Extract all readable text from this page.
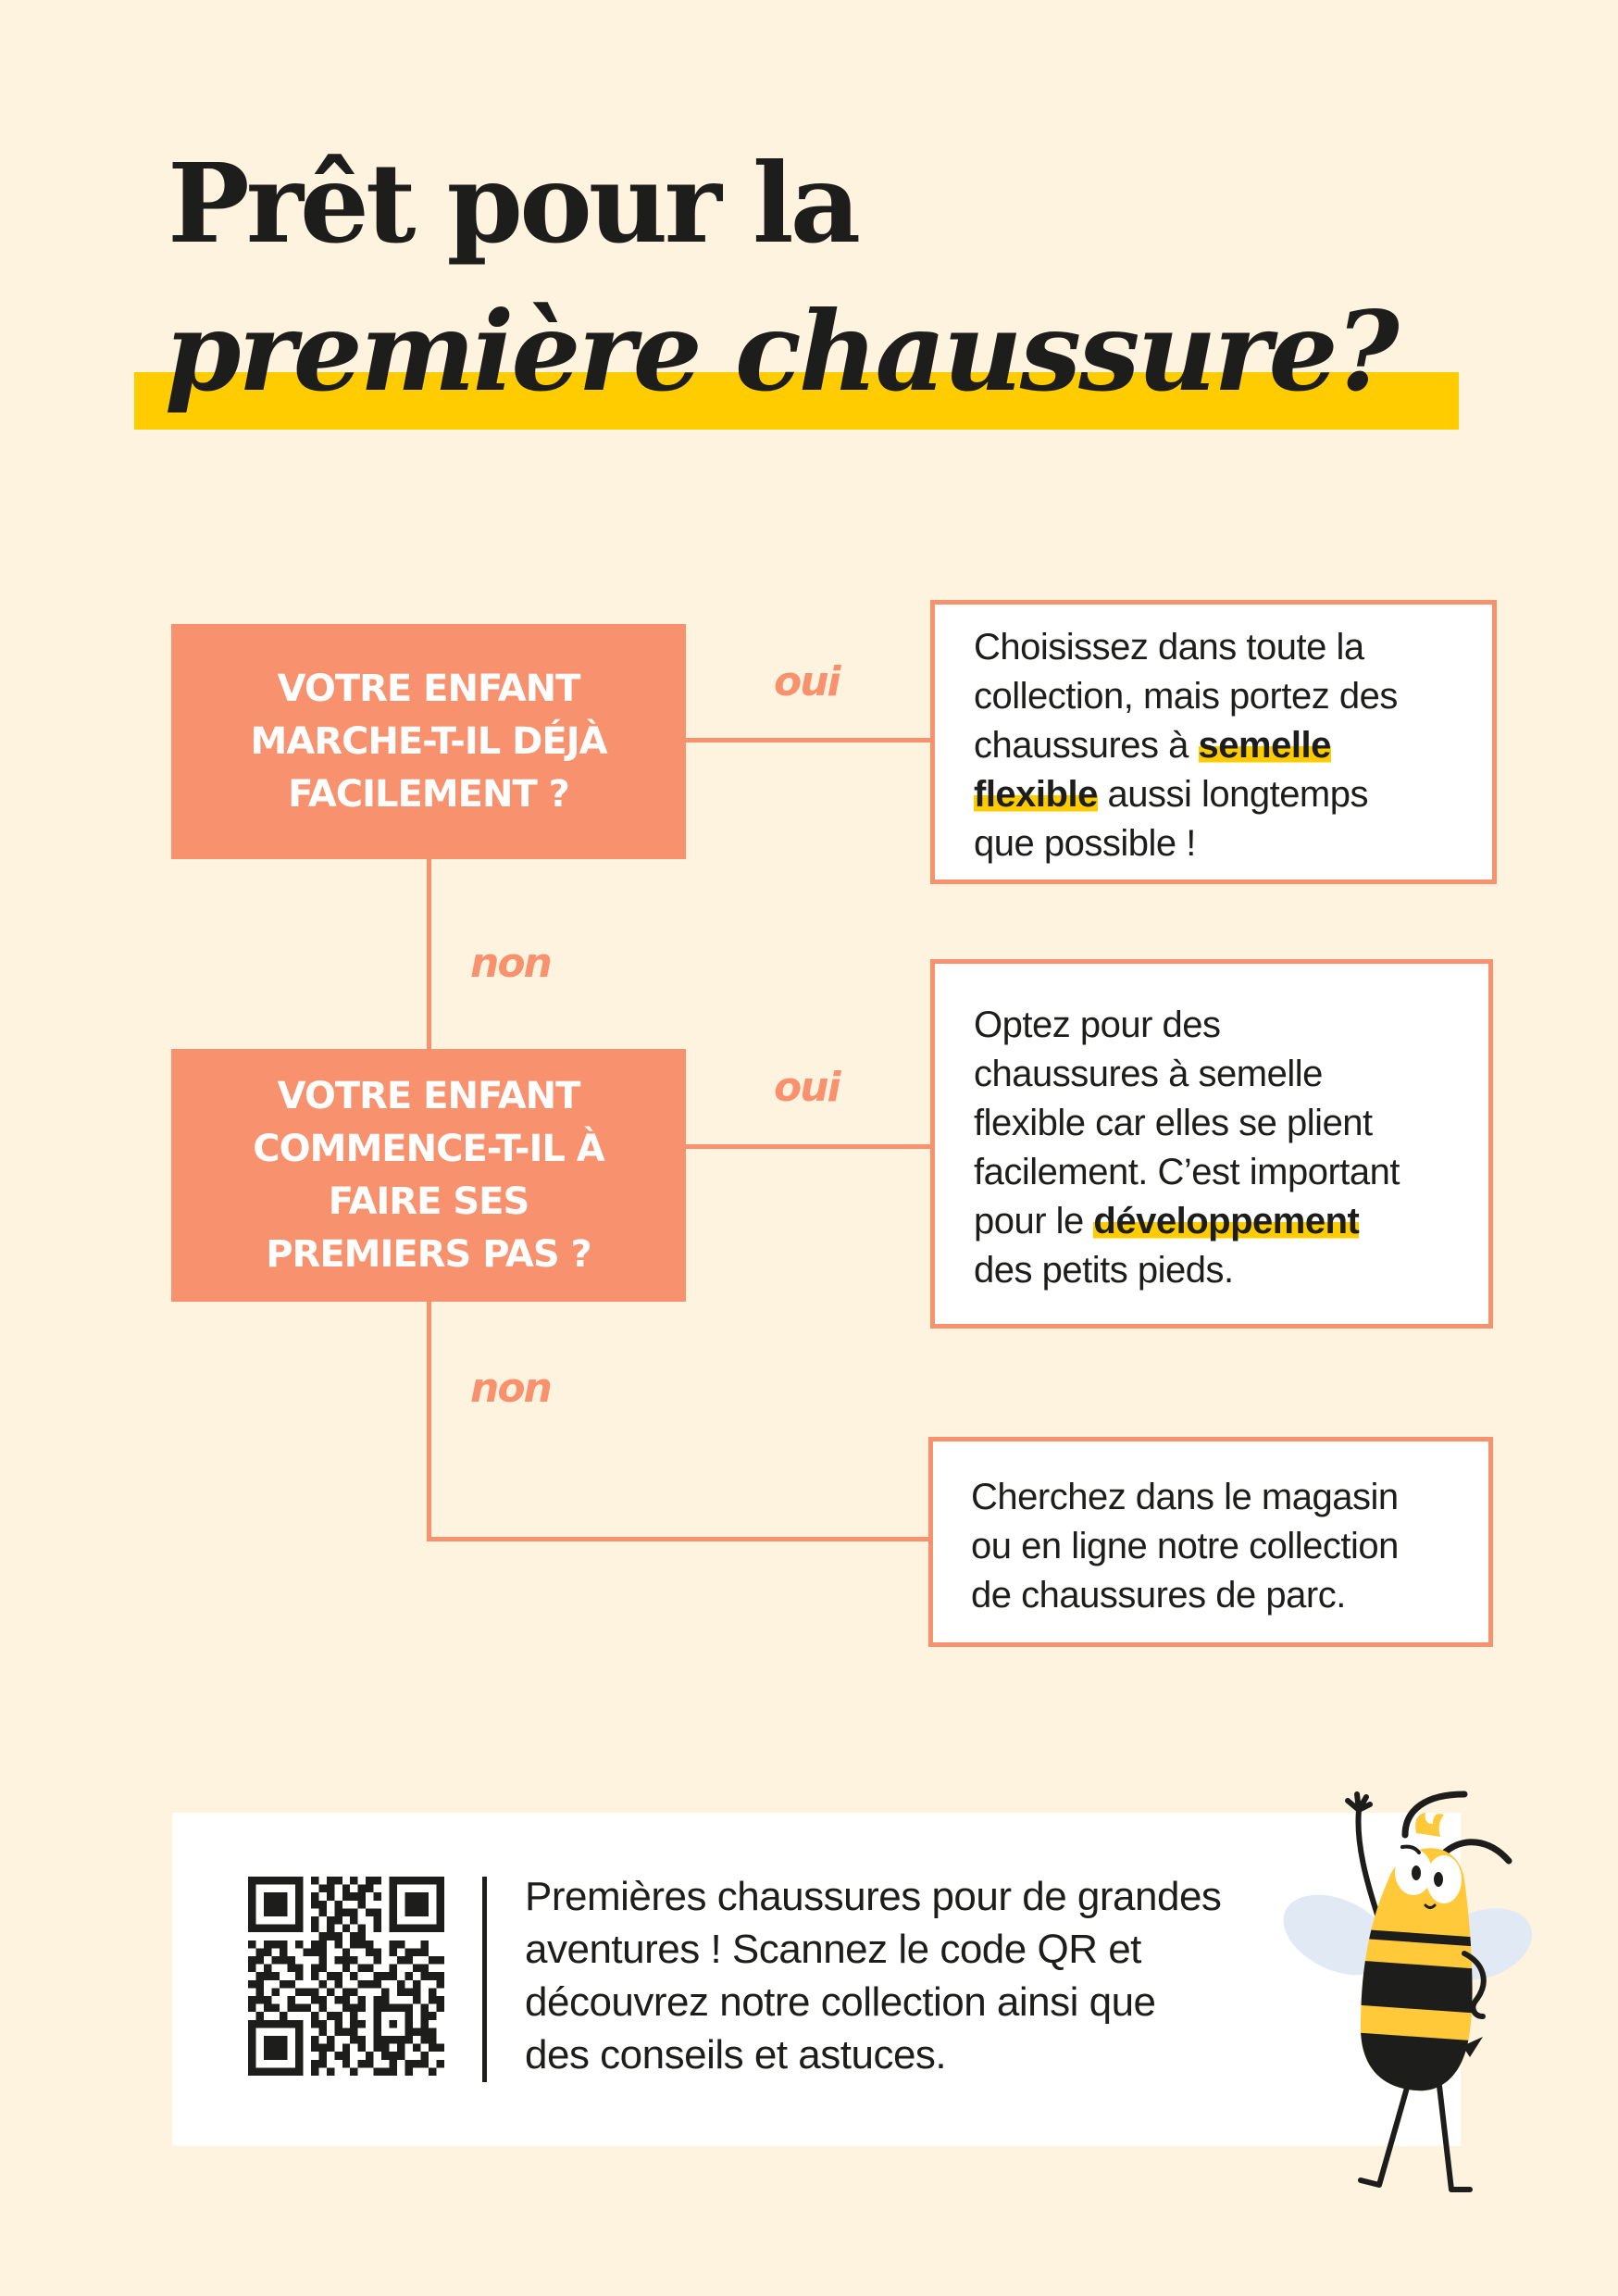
Prêt pour la
première chaussure?
VOTRE ENFANT
MARCHE-T-IL DÉJÀ
FACILEMENT ?
VOTRE ENFANT
COMMENCE-T-IL À
FAIRE SES
PREMIERS PAS ?
oui
non
oui
non
Choisissez dans toute la
collection, mais portez des
chaussures à semelle
flexible aussi longtemps
que possible !
Optez pour des
chaussures à semelle
flexible car elles se plient
facilement. C’est important
pour le développement
des petits pieds.
Cherchez dans le magasin
ou en ligne notre collection
de chaussures de parc.
Premières chaussures pour de grandes
aventures ! Scannez le code QR et
découvrez notre collection ainsi que
des conseils et astuces.
